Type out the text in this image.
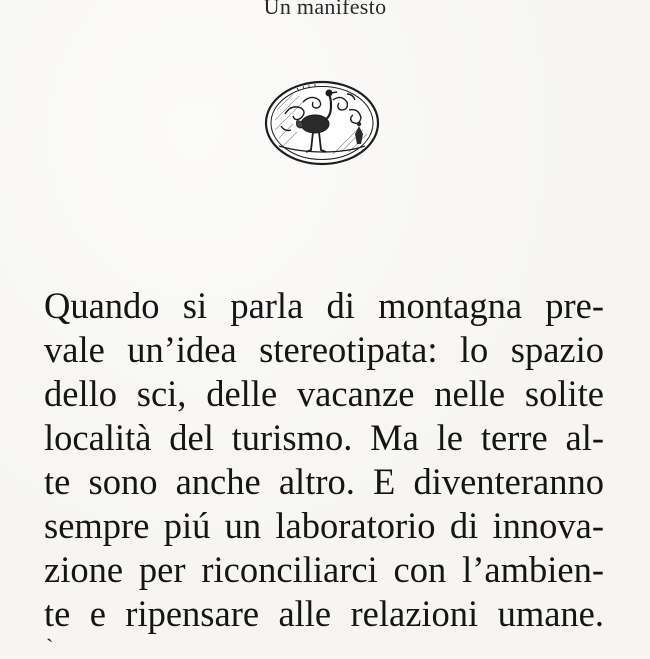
Un manifesto
Quando si parla di montagna pre-
vale un’idea stereotipata: lo spazio
dello sci, delle vacanze nelle solite
località del turismo. Ma le terre al-
te sono anche altro. E diventeranno
sempre piú un laboratorio di innova-
zione per riconciliarci con l’ambien-
te e ripensare alle relazioni umane.
`
